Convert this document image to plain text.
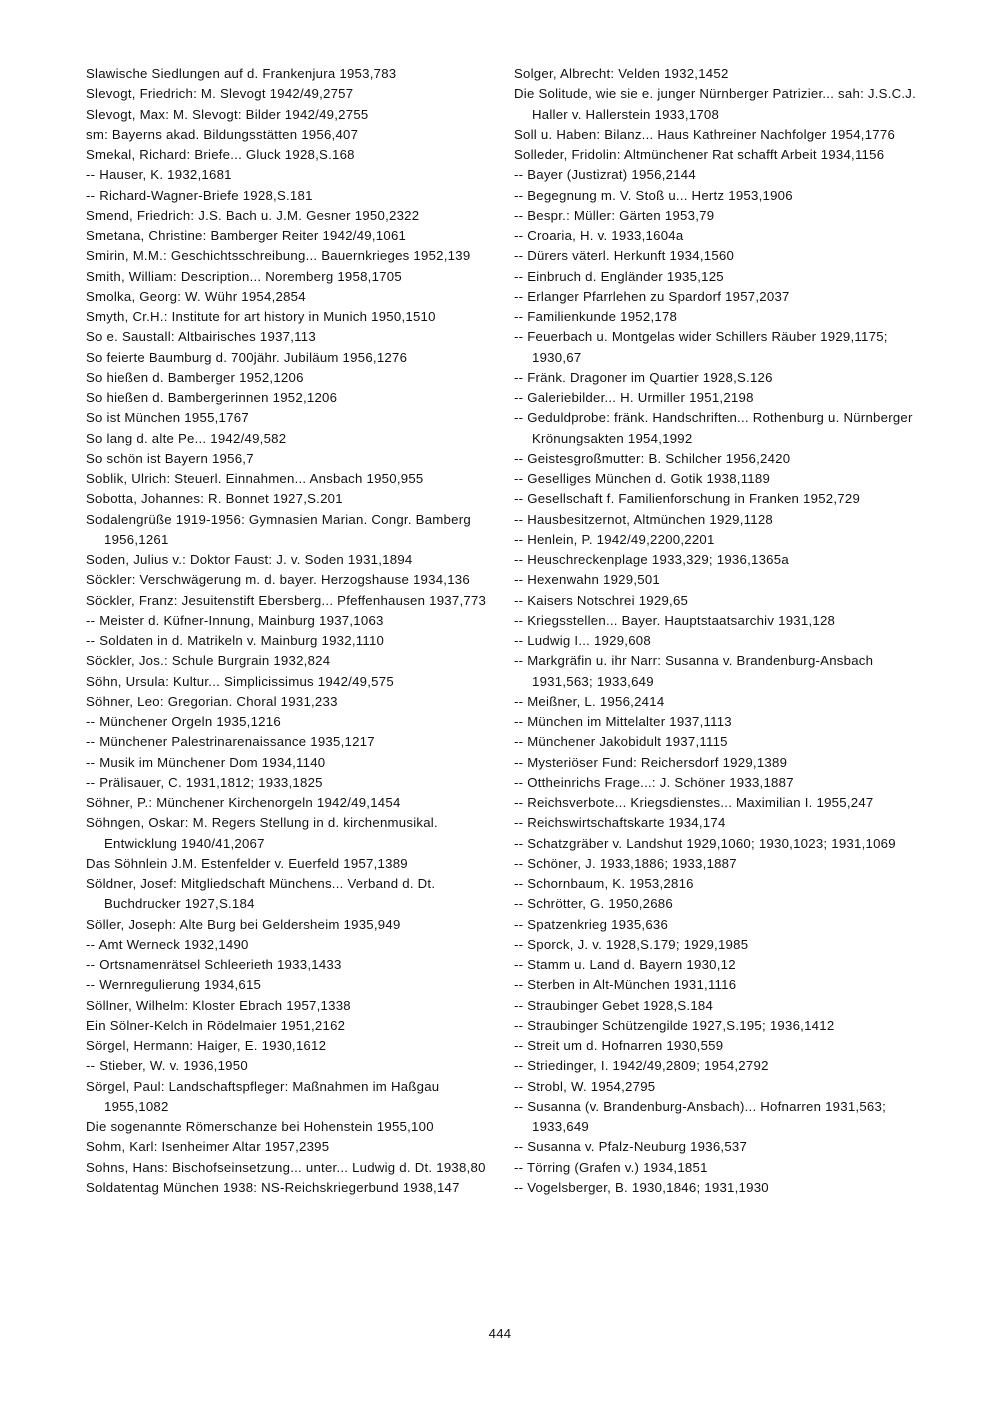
Slawische Siedlungen auf d. Frankenjura 1953,783

Slevogt, Friedrich: M. Slevogt 1942/49,2757

Slevogt, Max: M. Slevogt: Bilder 1942/49,2755

sm: Bayerns akad. Bildungsstätten 1956,407

Smekal, Richard: Briefe... Gluck 1928,S.168

-- Hauser, K. 1932,1681

-- Richard-Wagner-Briefe 1928,S.181

Smend, Friedrich: J.S. Bach u. J.M. Gesner 1950,2322

Smetana, Christine: Bamberger Reiter 1942/49,1061

Smirin, M.M.: Geschichtsschreibung... Bauernkrieges 1952,139

Smith, William: Description... Noremberg 1958,1705

Smolka, Georg: W. Wühr 1954,2854

Smyth, Cr.H.: Institute for art history in Munich 1950,1510

So e. Saustall: Altbairisches 1937,113

So feierte Baumburg d. 700jähr. Jubiläum 1956,1276

So hießen d. Bamberger 1952,1206

So hießen d. Bambergerinnen 1952,1206

So ist München 1955,1767

So lang d. alte Pe... 1942/49,582

So schön ist Bayern 1956,7

Soblik, Ulrich: Steuerl. Einnahmen... Ansbach 1950,955

Sobotta, Johannes: R. Bonnet 1927,S.201

Sodalengrüße 1919-1956: Gymnasien Marian. Congr. Bamberg 1956,1261

Soden, Julius v.: Doktor Faust: J. v. Soden 1931,1894

Söckler: Verschwägerung m. d. bayer. Herzogshause 1934,136

Söckler, Franz: Jesuitenstift Ebersberg... Pfeffenhausen 1937,773

-- Meister d. Küfner-Innung, Mainburg 1937,1063

-- Soldaten in d. Matrikeln v. Mainburg 1932,1110

Söckler, Jos.: Schule Burgrain 1932,824

Söhn, Ursula: Kultur... Simplicissimus 1942/49,575

Söhner, Leo: Gregorian. Choral 1931,233

-- Münchener Orgeln 1935,1216

-- Münchener Palestrinarenaissance 1935,1217

-- Musik im Münchener Dom 1934,1140

-- Prälisauer, C. 1931,1812; 1933,1825

Söhner, P.: Münchener Kirchenorgeln 1942/49,1454

Söhngen, Oskar: M. Regers Stellung in d. kirchenmusikal. Entwicklung 1940/41,2067

Das Söhnlein J.M. Estenfelder v. Euerfeld 1957,1389

Söldner, Josef: Mitgliedschaft Münchens... Verband d. Dt. Buchdrucker 1927,S.184

Söller, Joseph: Alte Burg bei Geldersheim 1935,949

-- Amt Werneck 1932,1490

-- Ortsnamenrätsel Schleerieth 1933,1433

-- Wernregulierung 1934,615

Söllner, Wilhelm: Kloster Ebrach 1957,1338

Ein Sölner-Kelch in Rödelmaier 1951,2162

Sörgel, Hermann: Haiger, E. 1930,1612

-- Stieber, W. v. 1936,1950

Sörgel, Paul: Landschaftspfleger: Maßnahmen im Haßgau 1955,1082

Die sogenannte Römerschanze bei Hohenstein 1955,100

Sohm, Karl: Isenheimer Altar 1957,2395

Sohns, Hans: Bischofseinsetzung... unter... Ludwig d. Dt. 1938,80

Soldatentag München 1938: NS-Reichskriegerbund 1938,147

Solger, Albrecht: Velden 1932,1452

Die Solitude, wie sie e. junger Nürnberger Patrizier... sah: J.S.C.J. Haller v. Hallerstein 1933,1708

Soll u. Haben: Bilanz... Haus Kathreiner Nachfolger 1954,1776

Solleder, Fridolin: Altmünchener Rat schafft Arbeit 1934,1156

-- Bayer (Justizrat) 1956,2144

-- Begegnung m. V. Stoß u... Hertz 1953,1906

-- Bespr.: Müller: Gärten 1953,79

-- Croaria, H. v. 1933,1604a

-- Dürers väterl. Herkunft 1934,1560

-- Einbruch d. Engländer 1935,125

-- Erlanger Pfarrlehen zu Spardorf 1957,2037

-- Familienkunde 1952,178

-- Feuerbach u. Montgelas wider Schillers Räuber 1929,1175; 1930,67

-- Fränk. Dragoner im Quartier 1928,S.126

-- Galeriebilder... H. Urmiller 1951,2198

-- Geduldprobe: fränk. Handschriften... Rothenburg u. Nürnberger Krönungsakten 1954,1992

-- Geistesgroßmutter: B. Schilcher 1956,2420

-- Geselliges München d. Gotik 1938,1189

-- Gesellschaft f. Familienforschung in Franken 1952,729

-- Hausbesitzernot, Altmünchen 1929,1128

-- Henlein, P. 1942/49,2200,2201

-- Heuschreckenplage 1933,329; 1936,1365a

-- Hexenwahn 1929,501

-- Kaisers Notschrei 1929,65

-- Kriegsstellen... Bayer. Hauptstaatsarchiv 1931,128

-- Ludwig I... 1929,608

-- Markgräfin u. ihr Narr: Susanna v. Brandenburg-Ansbach 1931,563; 1933,649

-- Meißner, L. 1956,2414

-- München im Mittelalter 1937,1113

-- Münchener Jakobidult 1937,1115

-- Mysteriöser Fund: Reichersdorf 1929,1389

-- Ottheinrichs Frage...: J. Schöner 1933,1887

-- Reichsverbote... Kriegsdienstes... Maximilian I. 1955,247

-- Reichswirtschaftskarte 1934,174

-- Schatzgräber v. Landshut 1929,1060; 1930,1023; 1931,1069

-- Schöner, J. 1933,1886; 1933,1887

-- Schornbaum, K. 1953,2816

-- Schrötter, G. 1950,2686

-- Spatzenkrieg 1935,636

-- Sporck, J. v. 1928,S.179; 1929,1985

-- Stamm u. Land d. Bayern 1930,12

-- Sterben in Alt-München 1931,1116

-- Straubinger Gebet 1928,S.184

-- Straubinger Schützengilde 1927,S.195; 1936,1412

-- Streit um d. Hofnarren 1930,559

-- Striedinger, I. 1942/49,2809; 1954,2792

-- Strobl, W. 1954,2795

-- Susanna (v. Brandenburg-Ansbach)... Hofnarren 1931,563; 1933,649

-- Susanna v. Pfalz-Neuburg 1936,537

-- Törring (Grafen v.) 1934,1851

-- Vogelsberger, B. 1930,1846; 1931,1930

444
